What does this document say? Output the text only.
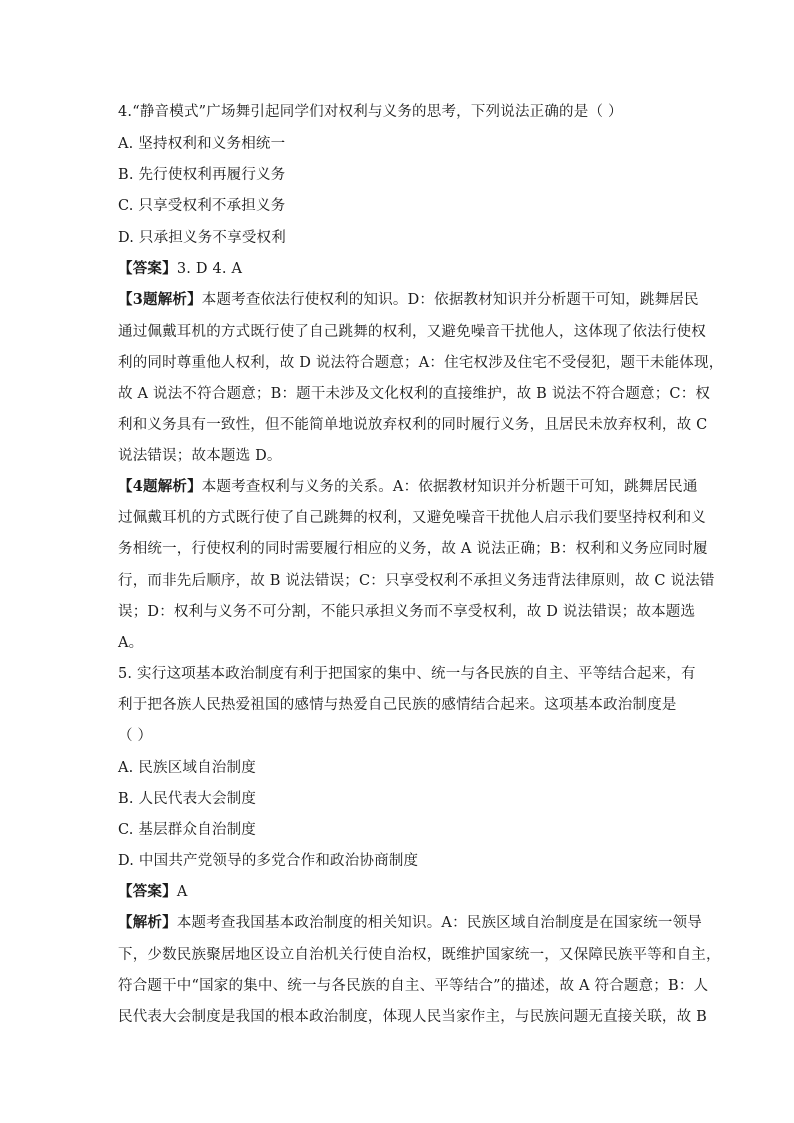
4.“静音模式”广场舞引起同学们对权利与义务的思考，下列说法正确的是（ ）
A. 坚持权利和义务相统一
B. 先行使权利再履行义务
C. 只享受权利不承担义务
D. 只承担义务不享受权利
【答案】3. D 4. A
【3题解析】本题考查依法行使权利的知识。D：依据教材知识并分析题干可知，跳舞居民
通过佩戴耳机的方式既行使了自己跳舞的权利，又避免噪音干扰他人，这体现了依法行使权
利的同时尊重他人权利，故 D 说法符合题意；A：住宅权涉及住宅不受侵犯，题干未能体现，
故 A 说法不符合题意；B：题干未涉及文化权利的直接维护，故 B 说法不符合题意；C：权
利和义务具有一致性，但不能简单地说放弃权利的同时履行义务，且居民未放弃权利，故 C
说法错误；故本题选 D。
【4题解析】本题考查权利与义务的关系。A：依据教材知识并分析题干可知，跳舞居民通
过佩戴耳机的方式既行使了自己跳舞的权利，又避免噪音干扰他人启示我们要坚持权利和义
务相统一，行使权利的同时需要履行相应的义务，故 A 说法正确；B：权利和义务应同时履
行，而非先后顺序，故 B 说法错误；C：只享受权利不承担义务违背法律原则，故 C 说法错
误；D：权利与义务不可分割，不能只承担义务而不享受权利，故 D 说法错误；故本题选
A。
5. 实行这项基本政治制度有利于把国家的集中、统一与各民族的自主、平等结合起来，有
利于把各族人民热爱祖国的感情与热爱自己民族的感情结合起来。这项基本政治制度是
（ ）
A. 民族区域自治制度
B. 人民代表大会制度
C. 基层群众自治制度
D. 中国共产党领导的多党合作和政治协商制度
【答案】A
【解析】本题考查我国基本政治制度的相关知识。A：民族区域自治制度是在国家统一领导
下，少数民族聚居地区设立自治机关行使自治权，既维护国家统一，又保障民族平等和自主，
符合题干中“国家的集中、统一与各民族的自主、平等结合”的描述，故 A 符合题意；B：人
民代表大会制度是我国的根本政治制度，体现人民当家作主，与民族问题无直接关联，故 B
